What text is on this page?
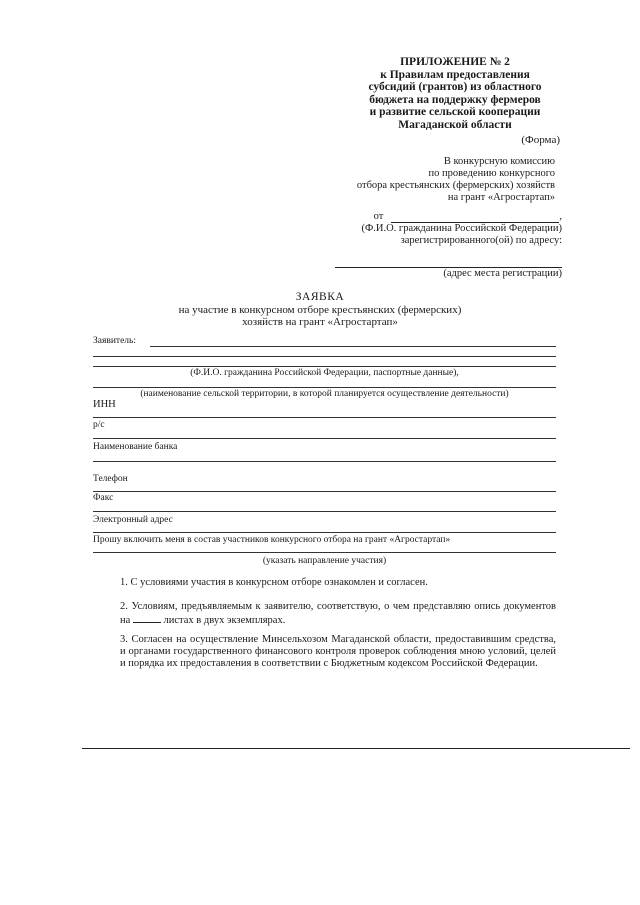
ПРИЛОЖЕНИЕ № 2
к Правилам предоставления
субсидий (грантов) из областного
бюджета на поддержку фермеров
и развитие сельской кооперации
Магаданской области
(Форма)
В конкурсную комиссию
по проведению конкурсного
отбора крестьянских (фермерских) хозяйств
на грант «Агростартап»
от	,
(Ф.И.О. гражданина Российской Федерации)
зарегистрированного(ой) по адресу:
(адрес места регистрации)
ЗАЯВКА
на участие в конкурсном отборе крестьянских (фермерских)
хозяйств на грант «Агростартап»
Заявитель:
(Ф.И.О. гражданина Российской Федерации, паспортные данные),
(наименование сельской территории, в которой планируется осуществление деятельности)
ИНН
р/с
Наименование банка
Телефон
Факс
Электронный адрес
Прошу включить меня в состав участников конкурсного отбора на грант «Агростартап»
(указать направление участия)
1. С условиями участия в конкурсном отборе ознакомлен и согласен.
2. Условиям, предъявляемым к заявителю, соответствую, о чем представляю опись документов на	листах в двух экземплярах.
3. Согласен на осуществление Минсельхозом Магаданской области, предоставившим средства, и органами государственного финансового контроля проверок соблюдения мною условий, целей и порядка их предоставления в соответствии с Бюджетным кодексом Российской Федерации.
